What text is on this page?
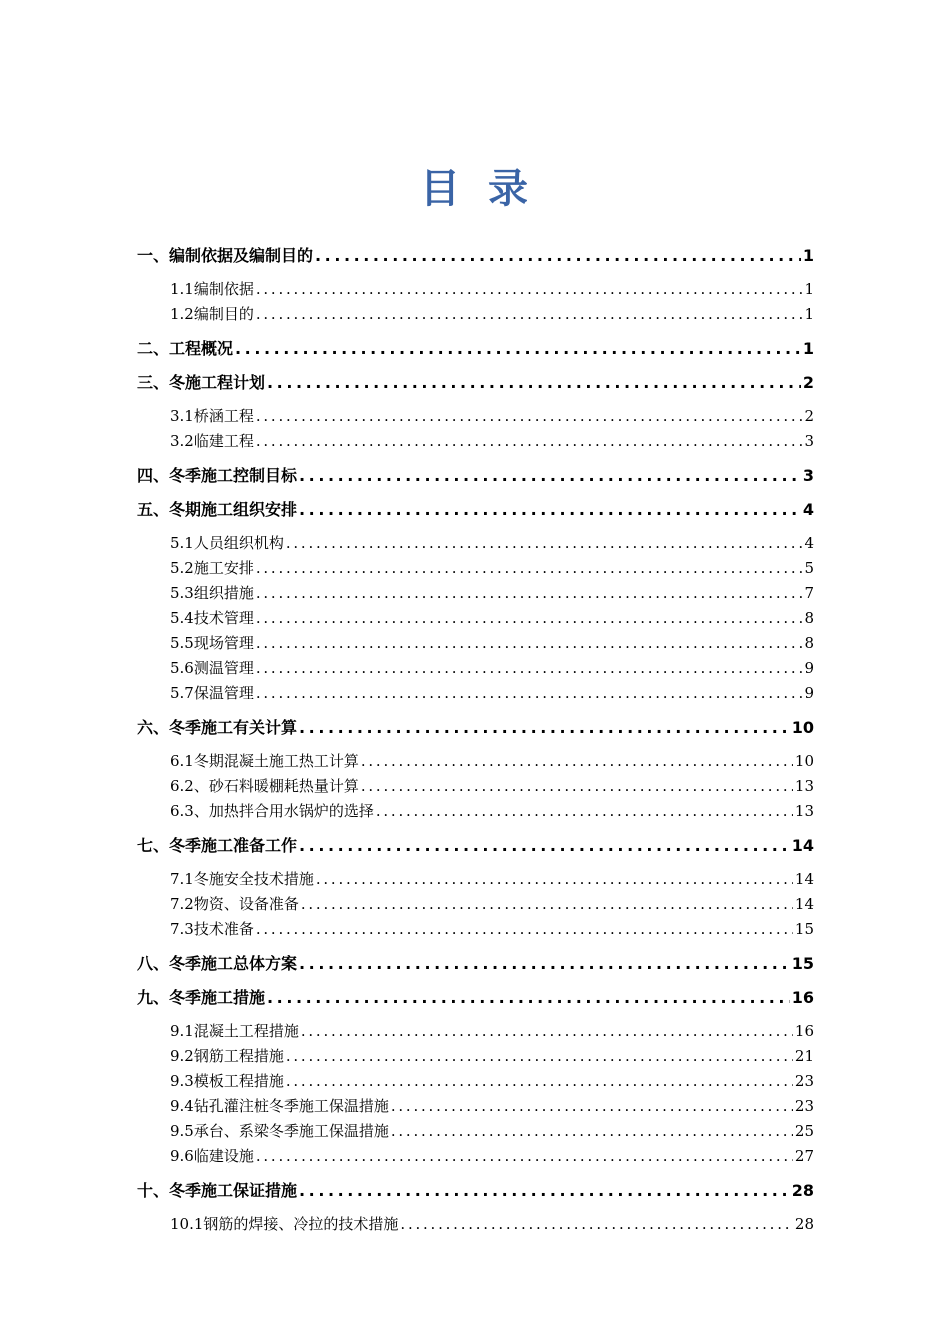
目 录
一、编制依据及编制目的 . . .	1
1.1编制依据 . . .	1
1.2编制目的 . . .	1
二、工程概况 . . .	1
三、冬施工程计划 . . .	2
3.1桥涵工程 . . .	2
3.2临建工程 . . .	3
四、冬季施工控制目标 . . .	3
五、冬期施工组织安排 . . .	4
5.1人员组织机构 . . .	4
5.2施工安排 . . .	5
5.3组织措施 . . .	7
5.4技术管理 . . .	8
5.5现场管理 . . .	8
5.6测温管理 . . .	9
5.7保温管理 . . .	9
六、冬季施工有关计算 . . .	10
6.1冬期混凝土施工热工计算 . . .	10
6.2、砂石料暖棚耗热量计算 . . .	13
6.3、加热拌合用水锅炉的选择 . . .	13
七、冬季施工准备工作 . . .	14
7.1冬施安全技术措施 . . .	14
7.2物资、设备准备 . . .	14
7.3技术准备 . . .	15
八、冬季施工总体方案 . . .	15
九、冬季施工措施 . . .	16
9.1混凝土工程措施 . . .	16
9.2钢筋工程措施 . . .	21
9.3模板工程措施 . . .	23
9.4钻孔灌注桩冬季施工保温措施 . . .	23
9.5承台、系梁冬季施工保温措施 . . .	25
9.6临建设施 . . .	27
十、冬季施工保证措施 . . .	28
10.1钢筋的焊接、冷拉的技术措施 . . .	28
